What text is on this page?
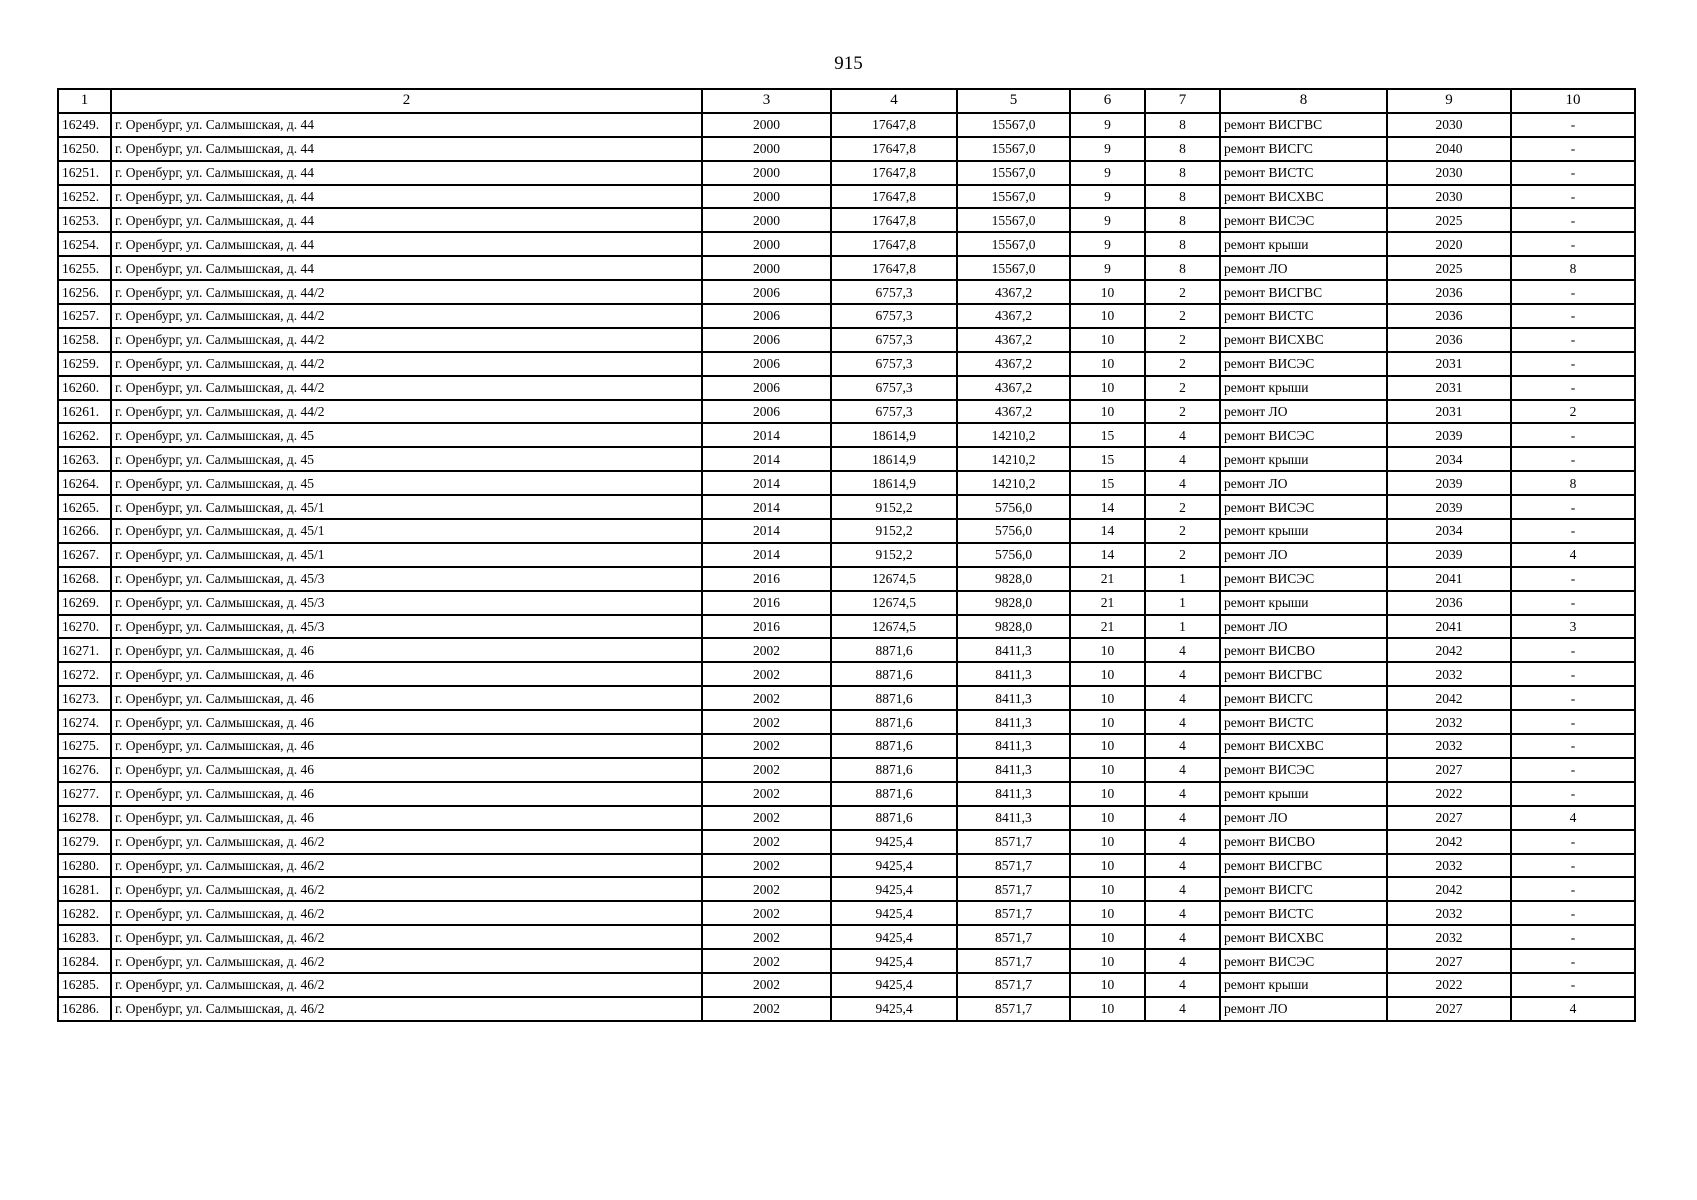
915
1	2	3	4	5	6	7	8	9	10
16249.	г. Оренбург, ул. Салмышская, д. 44	2000	17647,8	15567,0	9	8	ремонт ВИСГВС	2030	-
16250.	г. Оренбург, ул. Салмышская, д. 44	2000	17647,8	15567,0	9	8	ремонт ВИСГС	2040	-
16251.	г. Оренбург, ул. Салмышская, д. 44	2000	17647,8	15567,0	9	8	ремонт ВИСТС	2030	-
16252.	г. Оренбург, ул. Салмышская, д. 44	2000	17647,8	15567,0	9	8	ремонт ВИСХВС	2030	-
16253.	г. Оренбург, ул. Салмышская, д. 44	2000	17647,8	15567,0	9	8	ремонт ВИСЭС	2025	-
16254.	г. Оренбург, ул. Салмышская, д. 44	2000	17647,8	15567,0	9	8	ремонт крыши	2020	-
16255.	г. Оренбург, ул. Салмышская, д. 44	2000	17647,8	15567,0	9	8	ремонт ЛО	2025	8
16256.	г. Оренбург, ул. Салмышская, д. 44/2	2006	6757,3	4367,2	10	2	ремонт ВИСГВС	2036	-
16257.	г. Оренбург, ул. Салмышская, д. 44/2	2006	6757,3	4367,2	10	2	ремонт ВИСТС	2036	-
16258.	г. Оренбург, ул. Салмышская, д. 44/2	2006	6757,3	4367,2	10	2	ремонт ВИСХВС	2036	-
16259.	г. Оренбург, ул. Салмышская, д. 44/2	2006	6757,3	4367,2	10	2	ремонт ВИСЭС	2031	-
16260.	г. Оренбург, ул. Салмышская, д. 44/2	2006	6757,3	4367,2	10	2	ремонт крыши	2031	-
16261.	г. Оренбург, ул. Салмышская, д. 44/2	2006	6757,3	4367,2	10	2	ремонт ЛО	2031	2
16262.	г. Оренбург, ул. Салмышская, д. 45	2014	18614,9	14210,2	15	4	ремонт ВИСЭС	2039	-
16263.	г. Оренбург, ул. Салмышская, д. 45	2014	18614,9	14210,2	15	4	ремонт крыши	2034	-
16264.	г. Оренбург, ул. Салмышская, д. 45	2014	18614,9	14210,2	15	4	ремонт ЛО	2039	8
16265.	г. Оренбург, ул. Салмышская, д. 45/1	2014	9152,2	5756,0	14	2	ремонт ВИСЭС	2039	-
16266.	г. Оренбург, ул. Салмышская, д. 45/1	2014	9152,2	5756,0	14	2	ремонт крыши	2034	-
16267.	г. Оренбург, ул. Салмышская, д. 45/1	2014	9152,2	5756,0	14	2	ремонт ЛО	2039	4
16268.	г. Оренбург, ул. Салмышская, д. 45/3	2016	12674,5	9828,0	21	1	ремонт ВИСЭС	2041	-
16269.	г. Оренбург, ул. Салмышская, д. 45/3	2016	12674,5	9828,0	21	1	ремонт крыши	2036	-
16270.	г. Оренбург, ул. Салмышская, д. 45/3	2016	12674,5	9828,0	21	1	ремонт ЛО	2041	3
16271.	г. Оренбург, ул. Салмышская, д. 46	2002	8871,6	8411,3	10	4	ремонт ВИСВО	2042	-
16272.	г. Оренбург, ул. Салмышская, д. 46	2002	8871,6	8411,3	10	4	ремонт ВИСГВС	2032	-
16273.	г. Оренбург, ул. Салмышская, д. 46	2002	8871,6	8411,3	10	4	ремонт ВИСГС	2042	-
16274.	г. Оренбург, ул. Салмышская, д. 46	2002	8871,6	8411,3	10	4	ремонт ВИСТС	2032	-
16275.	г. Оренбург, ул. Салмышская, д. 46	2002	8871,6	8411,3	10	4	ремонт ВИСХВС	2032	-
16276.	г. Оренбург, ул. Салмышская, д. 46	2002	8871,6	8411,3	10	4	ремонт ВИСЭС	2027	-
16277.	г. Оренбург, ул. Салмышская, д. 46	2002	8871,6	8411,3	10	4	ремонт крыши	2022	-
16278.	г. Оренбург, ул. Салмышская, д. 46	2002	8871,6	8411,3	10	4	ремонт ЛО	2027	4
16279.	г. Оренбург, ул. Салмышская, д. 46/2	2002	9425,4	8571,7	10	4	ремонт ВИСВО	2042	-
16280.	г. Оренбург, ул. Салмышская, д. 46/2	2002	9425,4	8571,7	10	4	ремонт ВИСГВС	2032	-
16281.	г. Оренбург, ул. Салмышская, д. 46/2	2002	9425,4	8571,7	10	4	ремонт ВИСГС	2042	-
16282.	г. Оренбург, ул. Салмышская, д. 46/2	2002	9425,4	8571,7	10	4	ремонт ВИСТС	2032	-
16283.	г. Оренбург, ул. Салмышская, д. 46/2	2002	9425,4	8571,7	10	4	ремонт ВИСХВС	2032	-
16284.	г. Оренбург, ул. Салмышская, д. 46/2	2002	9425,4	8571,7	10	4	ремонт ВИСЭС	2027	-
16285.	г. Оренбург, ул. Салмышская, д. 46/2	2002	9425,4	8571,7	10	4	ремонт крыши	2022	-
16286.	г. Оренбург, ул. Салмышская, д. 46/2	2002	9425,4	8571,7	10	4	ремонт ЛО	2027	4
